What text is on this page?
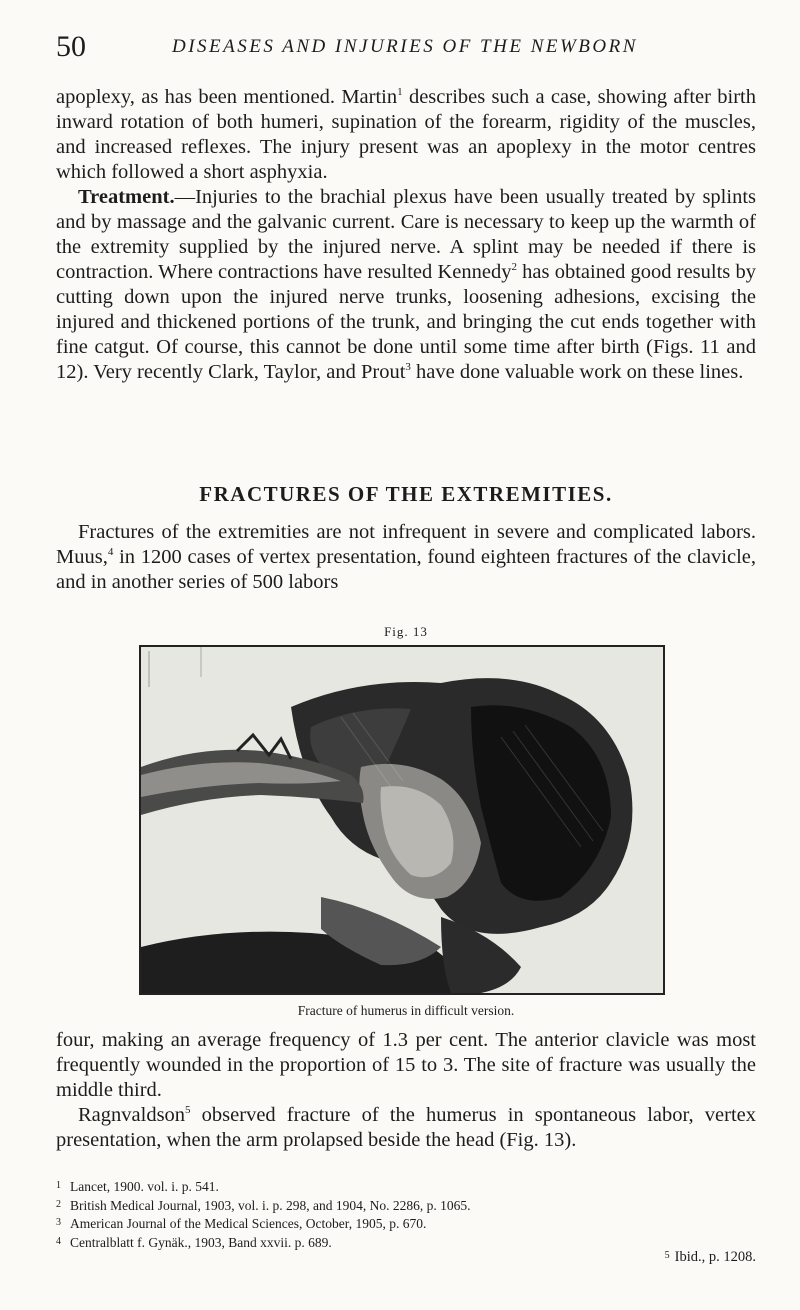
50	DISEASES AND INJURIES OF THE NEWBORN

apoplexy, as has been mentioned. Martin$^1$ describes such a case, showing after birth inward rotation of both humeri, supination of the forearm, rigidity of the muscles, and increased reflexes. The injury present was an apoplexy in the motor centres which followed a short asphyxia.

Treatment.—Injuries to the brachial plexus have been usually treated by splints and by massage and the galvanic current. Care is necessary to keep up the warmth of the extremity supplied by the injured nerve. A splint may be needed if there is contraction. Where contractions have resulted Kennedy$^2$ has obtained good results by cutting down upon the injured nerve trunks, loosening adhesions, excising the injured and thickened portions of the trunk, and bringing the cut ends together with fine catgut. Of course, this cannot be done until some time after birth (Figs. 11 and 12). Very recently Clark, Taylor, and Prout$^3$ have done valuable work on these lines.

FRACTURES OF THE EXTREMITIES.

Fractures of the extremities are not infrequent in severe and complicated labors. Muus,$^4$ in 1200 cases of vertex presentation, found eighteen fractures of the clavicle, and in another series of 500 labors

Fig. 13
Fracture of humerus in difficult version.

four, making an average frequency of 1.3 per cent. The anterior clavicle was most frequently wounded in the proportion of 15 to 3. The site of fracture was usually the middle third.

Ragnvaldson$^5$ observed fracture of the humerus in spontaneous labor, vertex presentation, when the arm prolapsed beside the head (Fig. 13).

1 Lancet, 1900. vol. i. p. 541.
2 British Medical Journal, 1903, vol. i. p. 298, and 1904, No. 2286, p. 1065.
3 American Journal of the Medical Sciences, October, 1905, p. 670.
4 Centralblatt f. Gynäk., 1903, Band xxvii. p. 689.
5 Ibid., p. 1208.
